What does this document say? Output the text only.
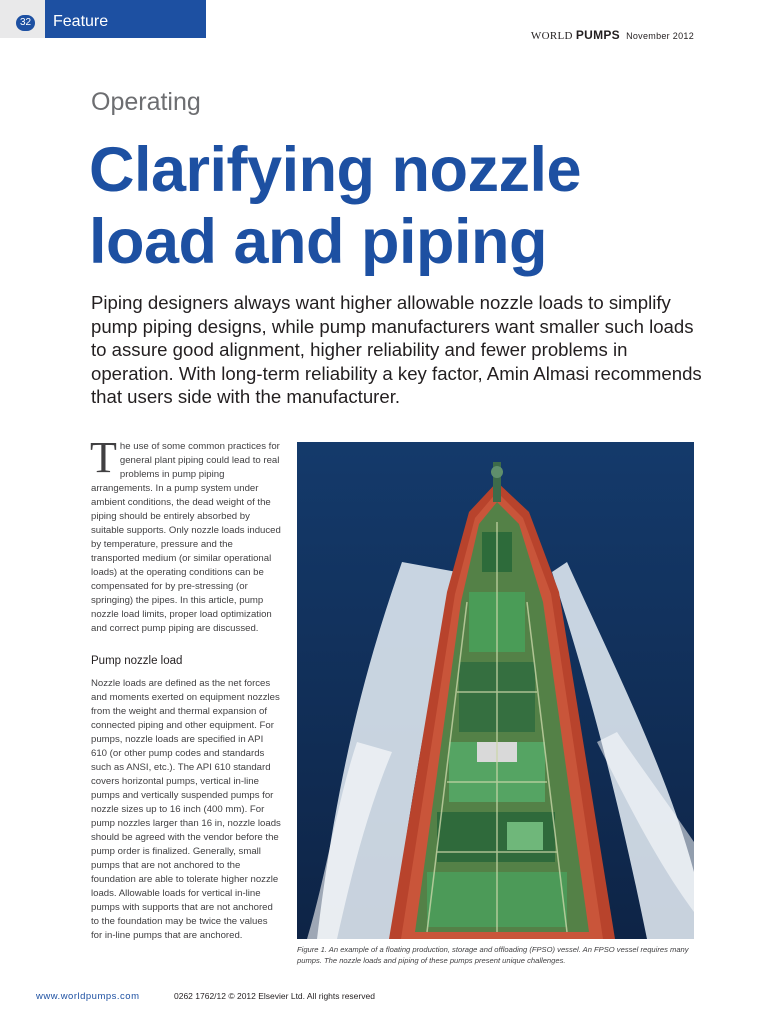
32 Feature
WORLD PUMPS November 2012
Operating
Clarifying nozzle load and piping

Piping designers always want higher allowable nozzle loads to simplify pump piping designs, while pump manufacturers want smaller such loads to assure good alignment, higher reliability and fewer problems in operation. With long-term reliability a key factor, Amin Almasi recommends that users side with the manufacturer.

The use of some common practices for general plant piping could lead to real problems in pump piping arrangements. In a pump system under ambient conditions, the dead weight of the piping should be entirely absorbed by suitable supports. Only nozzle loads induced by temperature, pressure and the transported medium (or similar operational loads) at the operating conditions can be compensated for by pre-stressing (or springing) the pipes. In this article, pump nozzle load limits, proper load optimization and correct pump piping are discussed.

Pump nozzle load

Nozzle loads are defined as the net forces and moments exerted on equipment nozzles from the weight and thermal expansion of connected piping and other equipment. For pumps, nozzle loads are specified in API 610 (or other pump codes and standards such as ANSI, etc.). The API 610 standard covers horizontal pumps, vertical in-line pumps and vertically suspended pumps for nozzle sizes up to 16 inch (400 mm). For pump nozzles larger than 16 in, nozzle loads should be agreed with the vendor before the pump order is finalized. Generally, small pumps that are not anchored to the foundation are able to tolerate higher nozzle loads. Allowable loads for vertical in-line pumps with supports that are not anchored to the foundation may be twice the values for in-line pumps that are anchored.

Figure 1. An example of a floating production, storage and offloading (FPSO) vessel. An FPSO vessel requires many pumps. The nozzle loads and piping of these pumps present unique challenges.
www.worldpumps.com	0262 1762/12 © 2012 Elsevier Ltd. All rights reserved
